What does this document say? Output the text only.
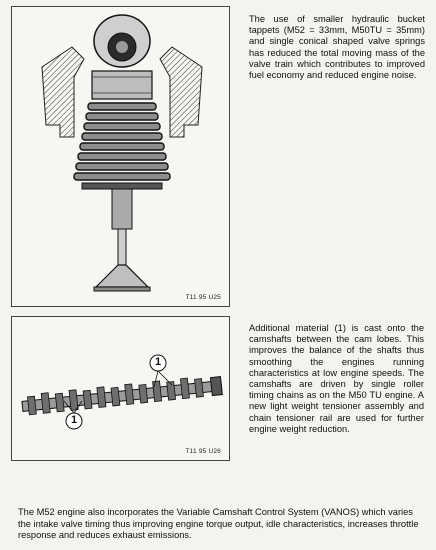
T11 95 U25
1
1
T11 95 U26

The use of smaller hydraulic bucket tappets (M52 = 33mm, M50TU = 35mm) and single conical shaped valve springs has reduced the total moving mass of the valve train which contributes to improved fuel economy and reduced engine noise.

Additional material (1) is cast onto the camshafts between the cam lobes. This improves the balance of the shafts thus smoothing the engines running characteristics at low engine speeds. The camshafts are driven by single roller timing chains as on the M50 TU engine. A new light weight tensioner assembly and chain tensioner rail are used for further engine weight reduction.

The M52 engine also incorporates the Variable Camshaft Control System (VANOS) which varies the intake valve timing thus improving engine torque output, idle characteristics, increases throttle response and reduces exhaust emissions.
